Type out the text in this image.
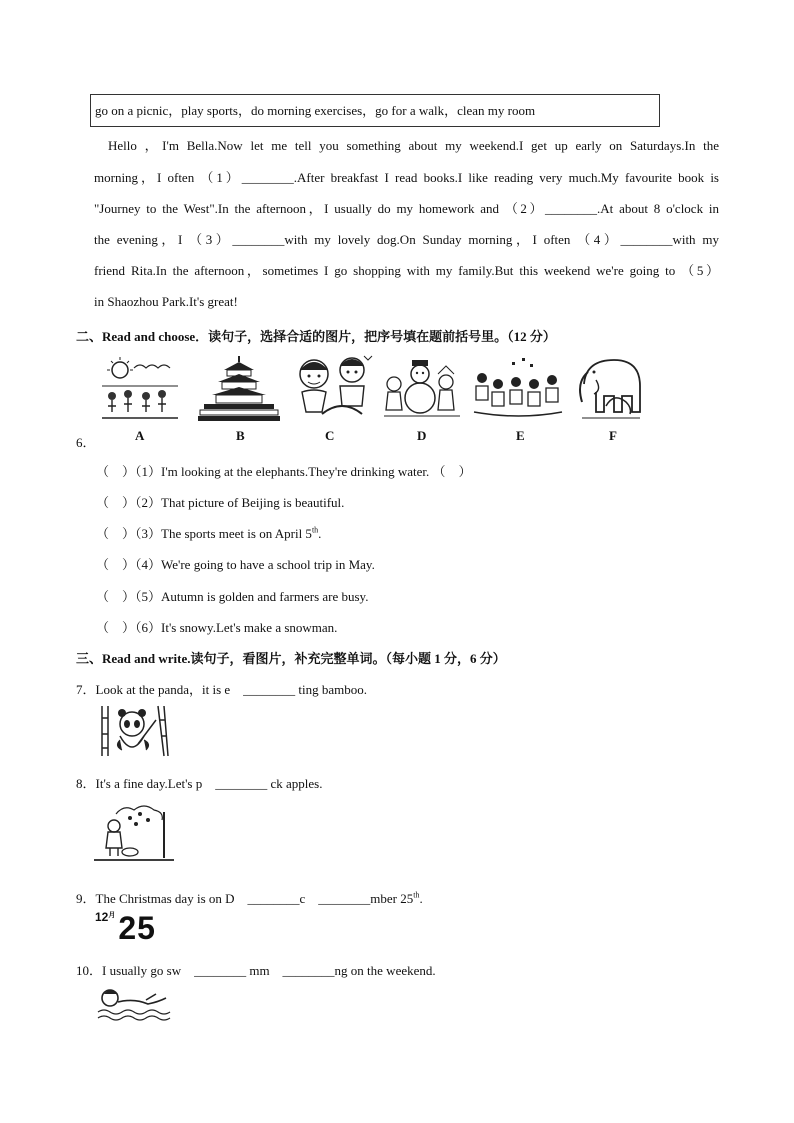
go on a picnic，play sports，do morning exercises，go for a walk，clean my room
Hello ，I'm Bella.Now let me tell you something about my weekend.I get up early on Saturdays.In the
morning，I often （1）________.After breakfast I read books.I like reading very much.My favourite book is
"Journey to the West".In the afternoon，I usually do my homework and （2）________.At about 8 o'clock in
the evening，I （3）________with my lovely dog.On Sunday morning，I often （4）________with my
friend Rita.In the afternoon，sometimes I go shopping with my family.But this weekend we're going to （5）
in Shaozhou Park.It's great!
二、Read and choose．读句子，选择合适的图片，把序号填在题前括号里。（12 分）
A	B	C	D	E	F
6．
（　）（1）I'm looking at the elephants.They're drinking water. （　）
（　）（2）That picture of Beijing is beautiful.
（　）（3）The sports meet is on April 5th.
（　）（4）We're going to have a school trip in May.
（　）（5）Autumn is golden and farmers are busy.
（　）（6）It's snowy.Let's make a snowman.
三、Read and write.读句子，看图片，补充完整单词。（每小题 1 分，6 分）
7．Look at the panda，it is e　________ ting bamboo.
8．It's a fine day.Let's p　________ ck apples.
9．The Christmas day is on D　________c　________mber 25th.
$12^月25$
10．I usually go sw　________ mm　________ng on the weekend.
